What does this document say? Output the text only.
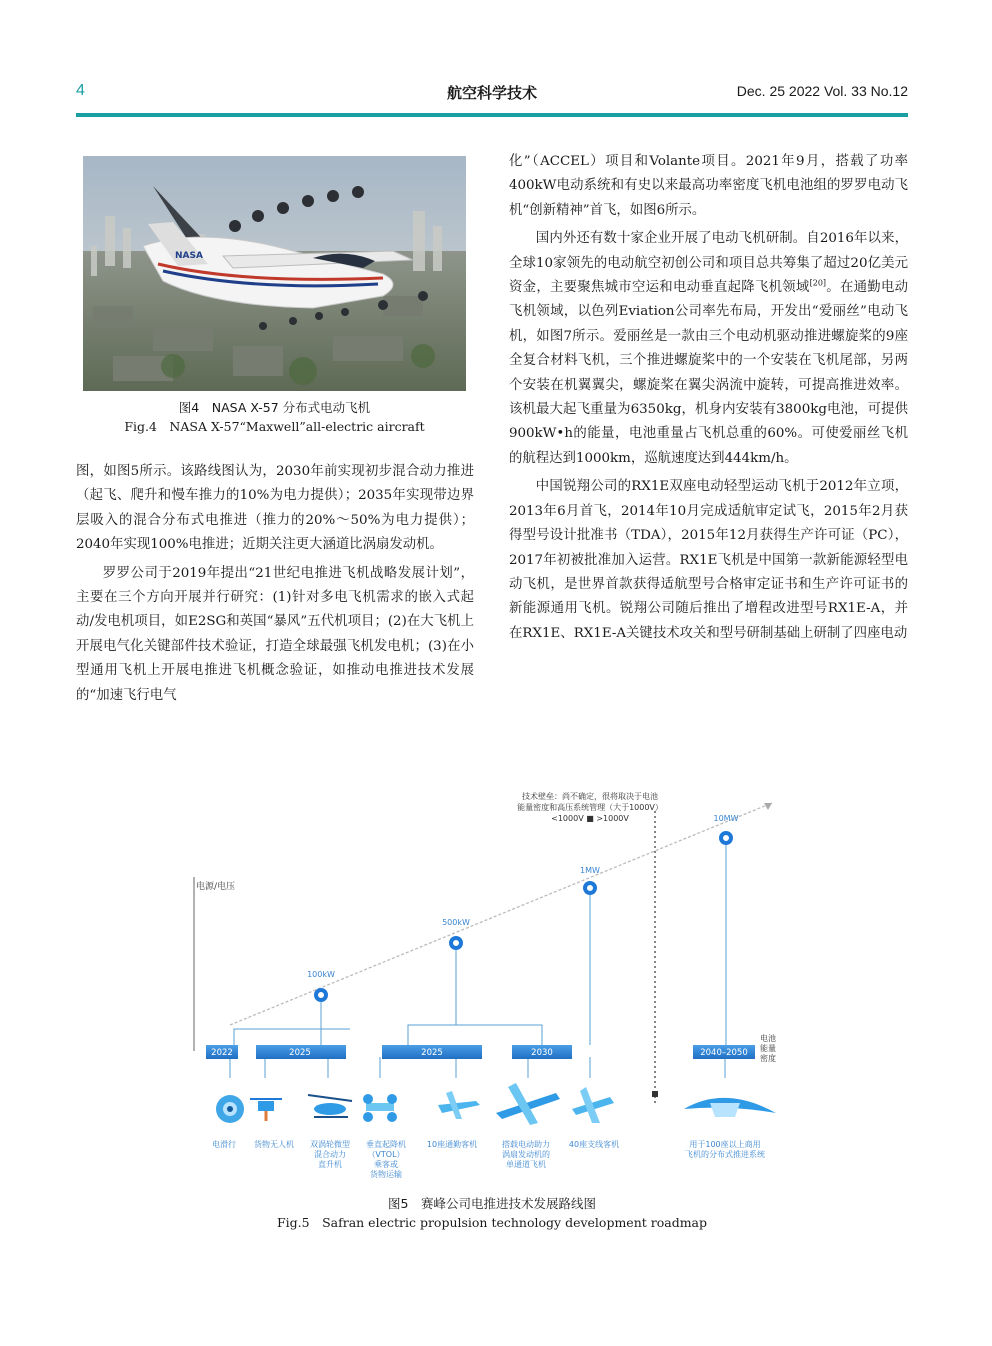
4	航空科学技术	Dec. 25 2022 Vol. 33 No.12
NASA
图4　NASA X-57 分布式电动飞机
Fig.4　NASA X-57“Maxwell”all-electric aircraft

图，如图5所示。该路线图认为，2030年前实现初步混合动力推进（起飞、爬升和慢车推力的10%为电力提供）；2035年实现带边界层吸入的混合分布式电推进（推力的20%～50%为电力提供）；2040年实现100%电推进；近期关注更大涵道比涡扇发动机。

罗罗公司于2019年提出“21世纪电推进飞机战略发展计划”，主要在三个方向开展并行研究：(1)针对多电飞机需求的嵌入式起动/发电机项目，如E2SG和英国“暴风”五代机项目；(2)在大飞机上开展电气化关键部件技术验证，打造全球最强飞机发电机；(3)在小型通用飞机上开展电推进飞机概念验证，如推动电推进技术发展的“加速飞行电气

化”（ACCEL）项目和Volante项目。2021年9月，搭载了功率400kW电动系统和有史以来最高功率密度飞机电池组的罗罗电动飞机“创新精神”首飞，如图6所示。

国内外还有数十家企业开展了电动飞机研制。自2016年以来，全球10家领先的电动航空初创公司和项目总共筹集了超过20亿美元资金，主要聚焦城市空运和电动垂直起降飞机领域[20]。在通勤电动飞机领域，以色列Eviation公司率先布局，开发出“爱丽丝”电动飞机，如图7所示。爱丽丝是一款由三个电动机驱动推进螺旋桨的9座全复合材料飞机，三个推进螺旋桨中的一个安装在飞机尾部，另两个安装在机翼翼尖，螺旋桨在翼尖涡流中旋转，可提高推进效率。该机最大起飞重量为6350kg，机身内安装有3800kg电池，可提供900kW•h的能量，电池重量占飞机总重的60%。可使爱丽丝飞机的航程达到1000km，巡航速度达到444km/h。

中国锐翔公司的RX1E双座电动轻型运动飞机于2012年立项，2013年6月首飞，2014年10月完成适航审定试飞，2015年2月获得型号设计批准书（TDA），2015年12月获得生产许可证（PC），2017年初被批准加入运营。RX1E飞机是中国第一款新能源轻型电动飞机，是世界首款获得适航型号合格审定证书和生产许可证书的新能源通用飞机。锐翔公司随后推出了增程改进型号RX1E-A，并在RX1E、RX1E-A关键技术攻关和型号研制基础上研制了四座电动

电源/电压
技术壁垒：尚不确定，很将取决于电池
能量密度和高压系统管理（大于1000V）
<1000V ■ >1000V
100kW
500kW
1MW
10MW
2022	2025	2025	2030	2040–2050
电池
能量
密度
电滑行 货物无人机 双涡轮微型
混合动力
直升机
垂直起降机
（VTOL）
乘客或
货物运输
10座通勤客机	搭载电动助力
涡扇发动机的
单通道飞机
40座支线客机	用于100座以上商用
飞机的分布式推进系统
图5　赛峰公司电推进技术发展路线图
Fig.5　Safran electric propulsion technology development roadmap
